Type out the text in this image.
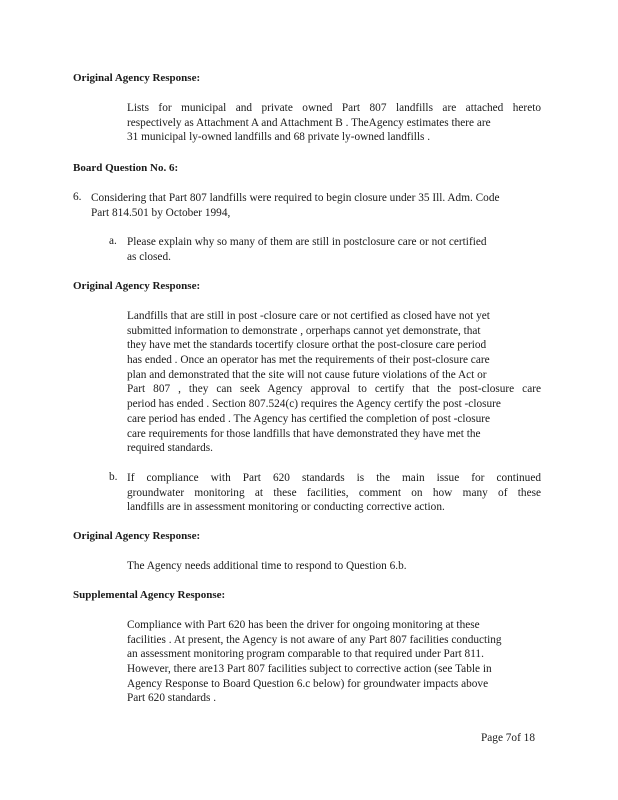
Original Agency Response:
Lists for municipal and private owned Part 807 landfills are attached hereto
respectively as Attachment A and Attachment B . TheAgency estimates there are
31 municipal ly-owned landfills and 68 private ly-owned landfills .
Board Question No. 6:
6. Considering that Part 807 landfills were required to begin closure under 35 Ill. Adm. Code
Part 814.501 by October 1994,
a. Please explain why so many of them are still in postclosure care or not certified
as closed.
Original Agency Response:
Landfills that are still in post -closure care or not certified as closed have not yet
submitted information to demonstrate , orperhaps cannot yet demonstrate, that
they have met the standards tocertify closure orthat the post-closure care period
has ended . Once an operator has met the requirements of their post-closure care
plan and demonstrated that the site will not cause future violations of the Act or
Part 807 , they can seek Agency approval to certify that the post-closure care
period has ended . Section 807.524(c) requires the Agency certify the post -closure
care period has ended . The Agency has certified the completion of post -closure
care requirements for those landfills that have demonstrated they have met the
required standards.
b. If compliance with Part 620 standards is the main issue for continued
groundwater monitoring at these facilities, comment on how many of these
landfills are in assessment monitoring or conducting corrective action.
Original Agency Response:
The Agency needs additional time to respond to Question 6.b.
Supplemental Agency Response:
Compliance with Part 620 has been the driver for ongoing monitoring at these
facilities . At present, the Agency is not aware of any Part 807 facilities conducting
an assessment monitoring program comparable to that required under Part 811.
However, there are13 Part 807 facilities subject to corrective action (see Table in
Agency Response to Board Question 6.c below) for groundwater impacts above
Part 620 standards .
Page 7of 18
